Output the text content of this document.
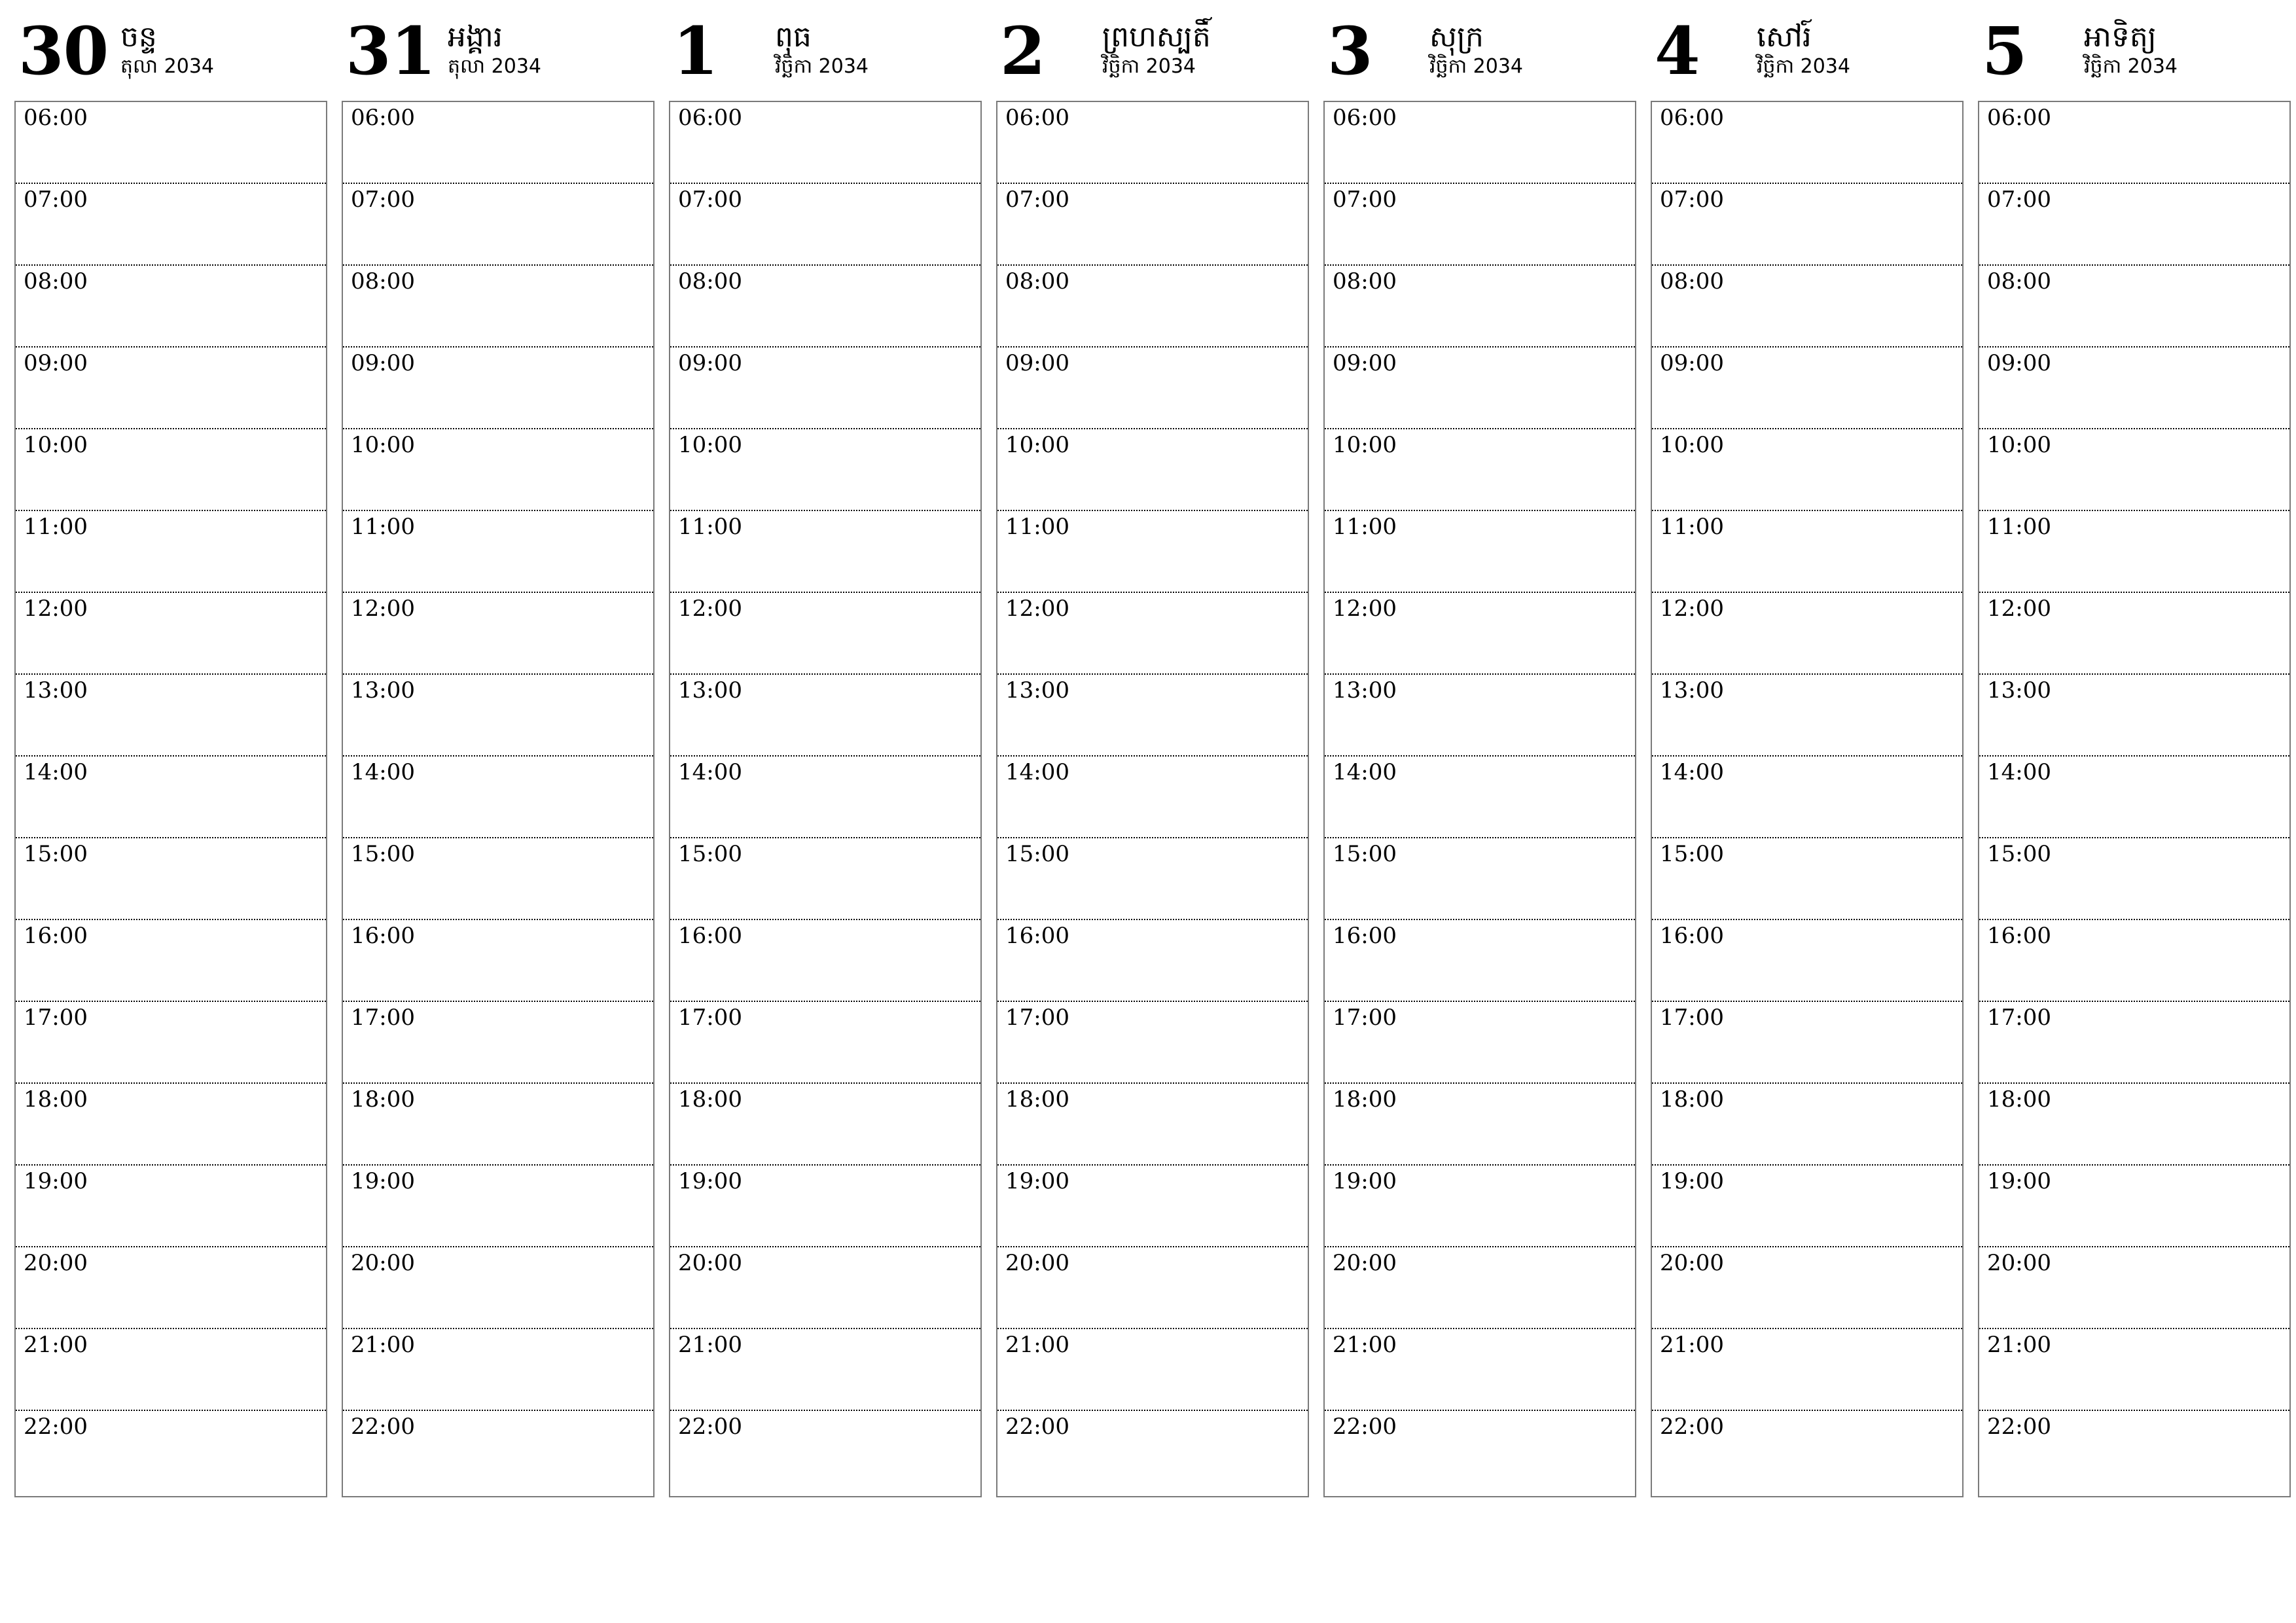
30 ចន្ទ
តុលា 2034
06:00
07:00
08:00
09:00
10:00
11:00
12:00
13:00
14:00
15:00
16:00
17:00
18:00
19:00
20:00
21:00
22:00
31 អង្គារ
តុលា 2034
06:00
07:00
08:00
09:00
10:00
11:00
12:00
13:00
14:00
15:00
16:00
17:00
18:00
19:00
20:00
21:00
22:00
1 ពុធ
វិច្ឆិកា 2034
06:00
07:00
08:00
09:00
10:00
11:00
12:00
13:00
14:00
15:00
16:00
17:00
18:00
19:00
20:00
21:00
22:00
2 ព្រហស្បតិ៍
វិច្ឆិកា 2034
06:00
07:00
08:00
09:00
10:00
11:00
12:00
13:00
14:00
15:00
16:00
17:00
18:00
19:00
20:00
21:00
22:00
3 សុក្រ
វិច្ឆិកា 2034
06:00
07:00
08:00
09:00
10:00
11:00
12:00
13:00
14:00
15:00
16:00
17:00
18:00
19:00
20:00
21:00
22:00
4 សៅរ៍
វិច្ឆិកា 2034
06:00
07:00
08:00
09:00
10:00
11:00
12:00
13:00
14:00
15:00
16:00
17:00
18:00
19:00
20:00
21:00
22:00
5 អាទិត្យ
វិច្ឆិកា 2034
06:00
07:00
08:00
09:00
10:00
11:00
12:00
13:00
14:00
15:00
16:00
17:00
18:00
19:00
20:00
21:00
22:00
